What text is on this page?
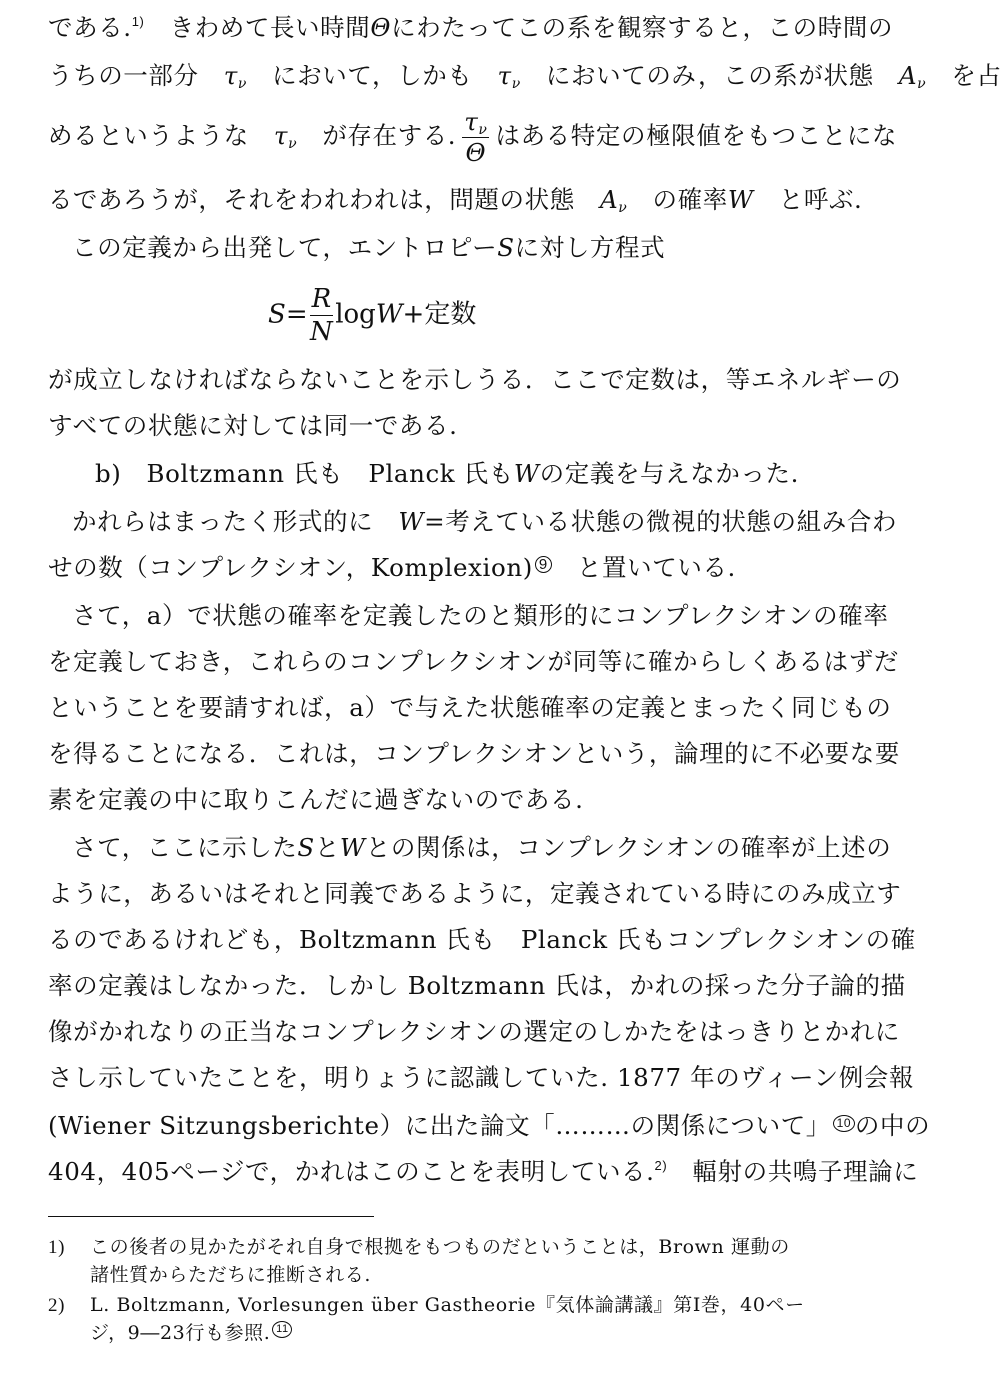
である.$^{1)}$　 きわめて長い時間Θにわたってこの系を観察すると，この時間の
うちの一部分　 $\tau_\nu$　 において，しかも　 $\tau_\nu$　 においてのみ，この系が状態　 $A_\nu$　 を占
めるというような　 $\tau_\nu$　 が存在する. $\frac{\tau_\nu}{\Theta}$ はある特定の極限値をもつことにな
るであろうが，それをわれわれは，問題の状態　 $A_\nu$　 の確率W　 と呼ぶ.
この定義から出発して，エントロピーSに対し方程式
$S= \frac{R}{N} \log W+$定数
が成立しなければならないことを示しうる．ここで定数は，等エネルギーの
すべての状態に対しては同一である.
b)　Boltzmann 氏も　Planck 氏もWの定義を与えなかった.
かれらはまったく形式的に　W=考えている状態の微視的状態の組み合わ
せの数（コンプレクシオン，Komplexion) 9　と置いている.
さて，a）で状態の確率を定義したのと類形的にコンプレクシオンの確率
を定義しておき，これらのコンプレクシオンが同等に確からしくあるはずだ
ということを要請すれば，a）で与えた状態確率の定義とまったく同じもの
を得ることになる．これは，コンプレクシオンという，論理的に不必要な要
素を定義の中に取りこんだに過ぎないのである.
さて，ここに示したSとWとの関係は，コンプレクシオンの確率が上述の
ように，あるいはそれと同義であるように，定義されている時にのみ成立す
るのであるけれども，Boltzmann 氏も　Planck 氏もコンプレクシオンの確
率の定義はしなかった．しかし Boltzmann 氏は，かれの採った分子論的描
像がかれなりの正当なコンプレクシオンの選定のしかたをはっきりとかれに
さし示していたことを，明りょうに認識していた. 1877 年のヴィーン例会報
(Wiener Sitzungsberichte）に出た論文「………の関係について」 10 の中の
404，405ページで，かれはこのことを表明している.$^{2)}$　輻射の共鳴子理論に
1) この後者の見かたがそれ自身で根拠をもつものだということは，Brown 運動の
諸性質からただちに推断される.
2) L. Boltzmann, Vorlesungen über Gastheorie『気体論講議』第Ⅰ巻，40ペー
ジ，9―23行も参照. 11
